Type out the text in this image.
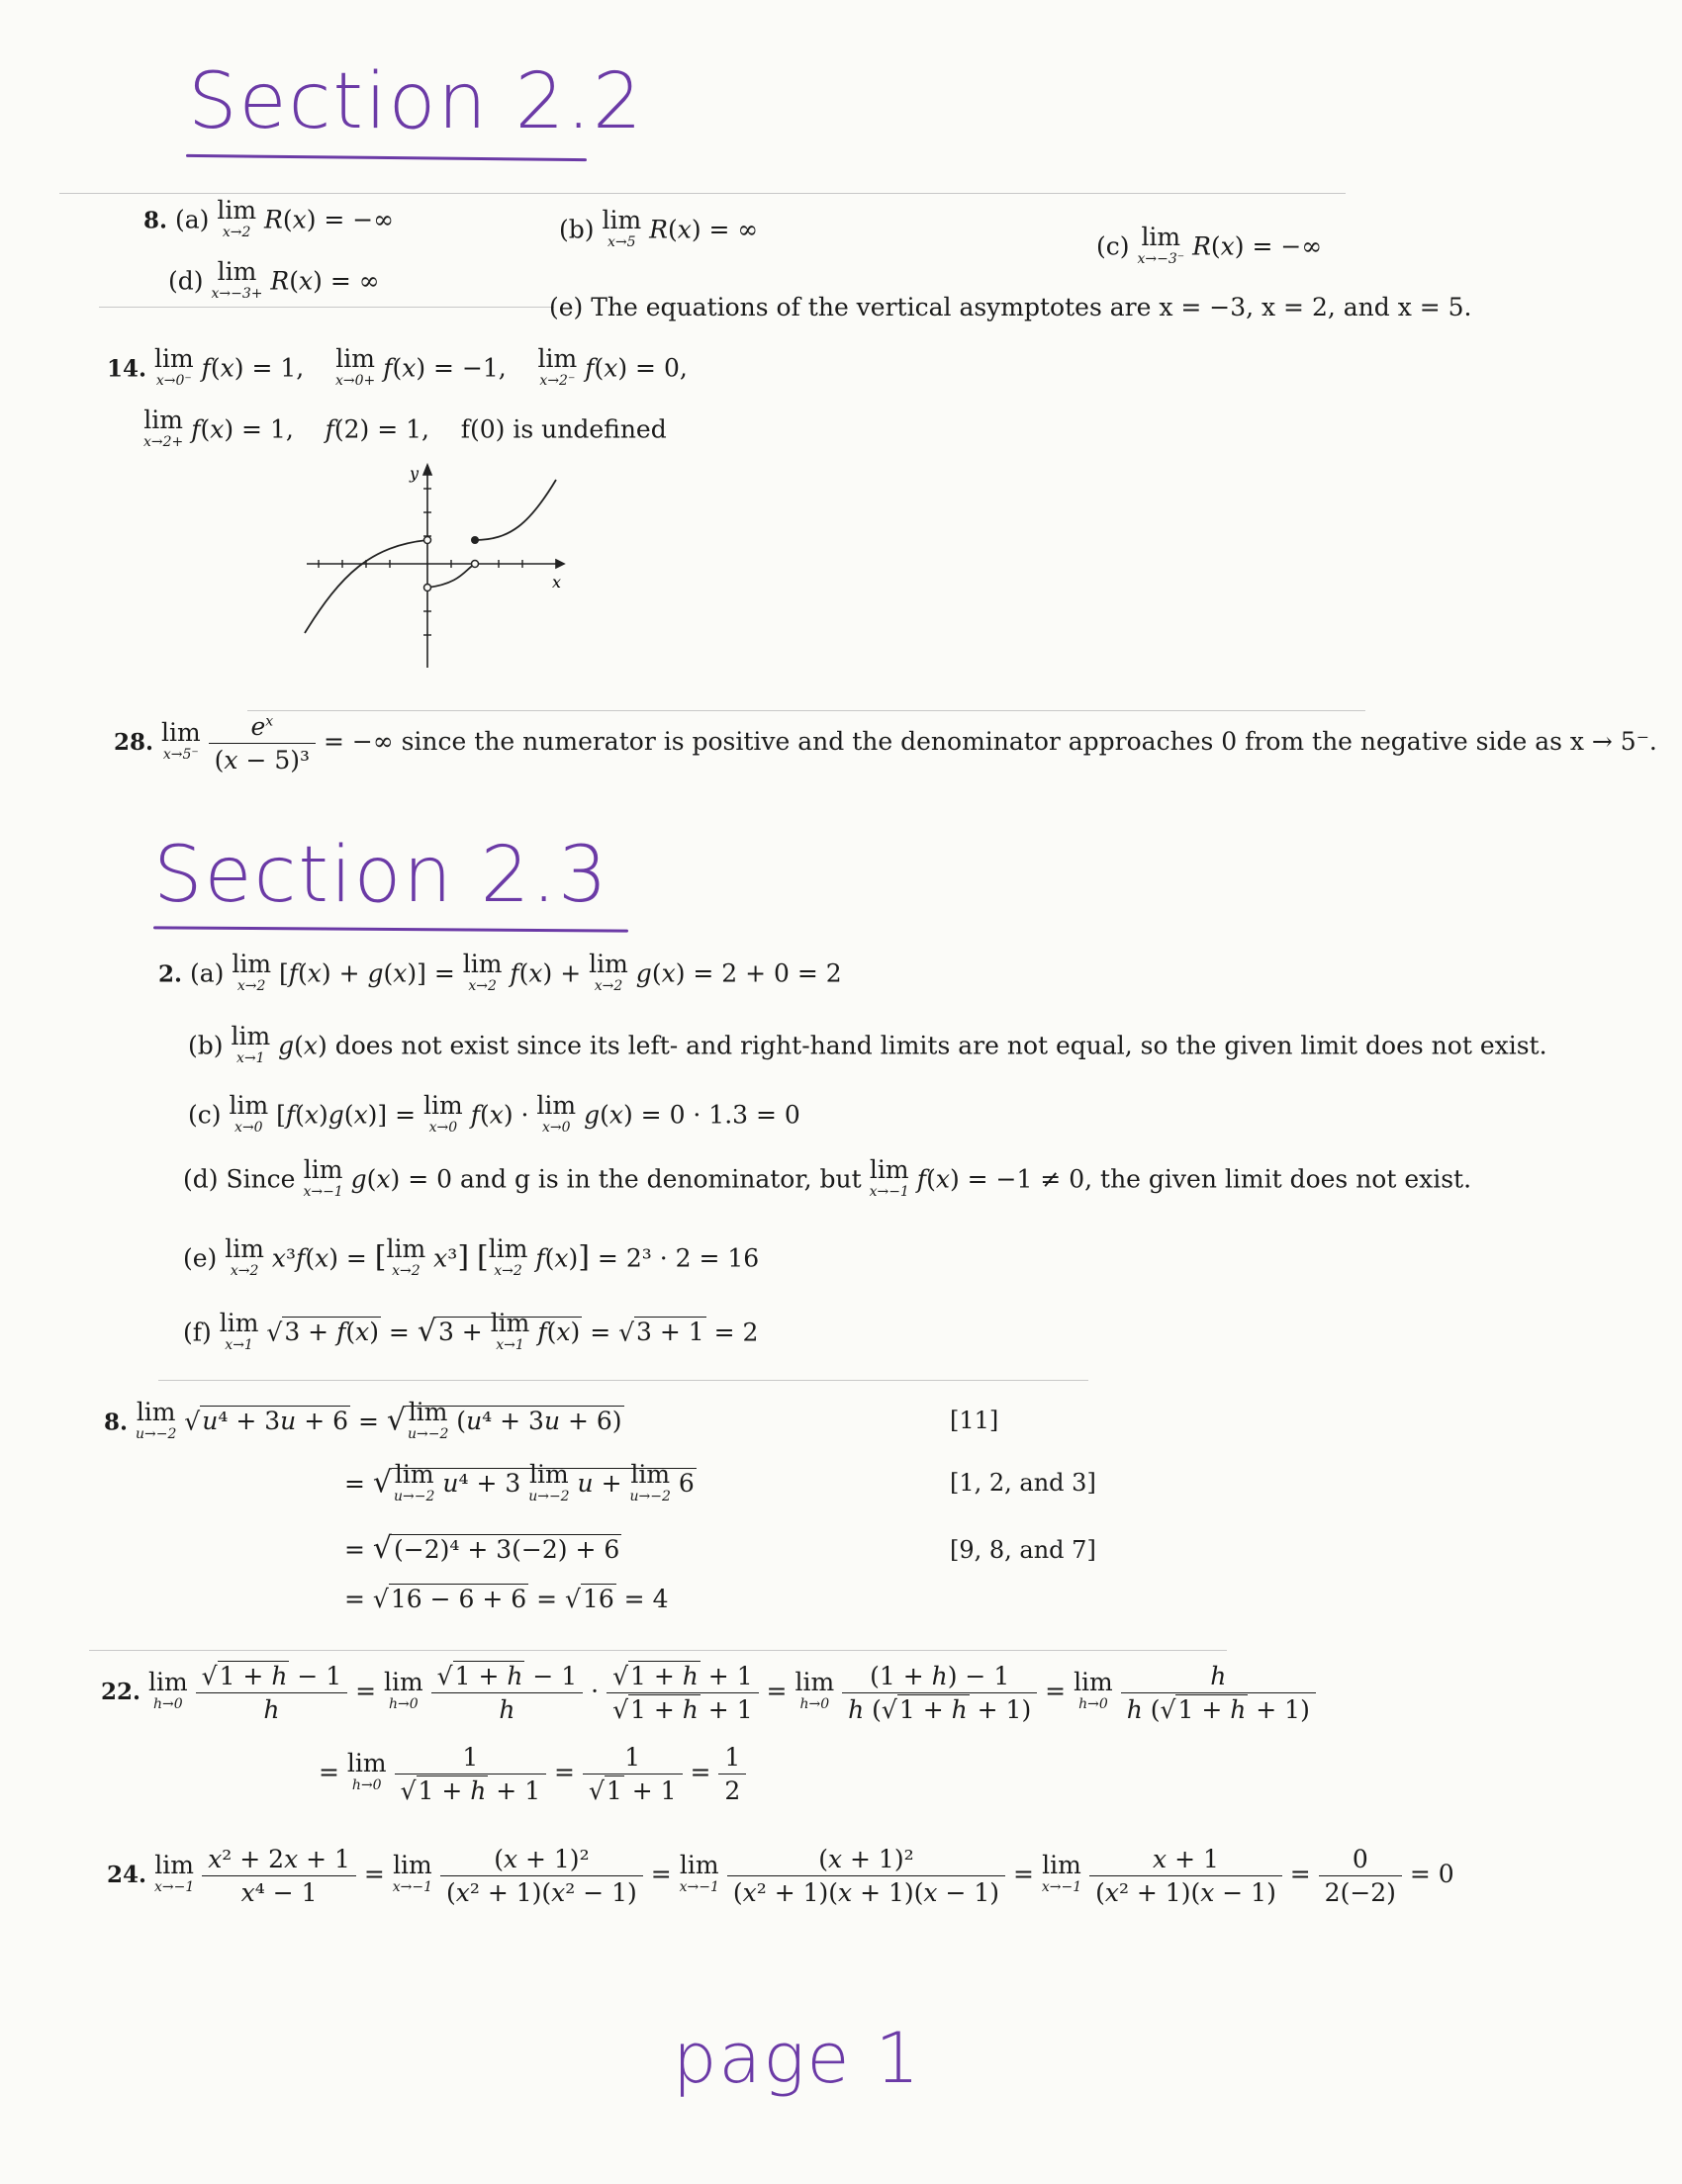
Section 2.2
8. (a) lim
x→2 R(x) = −∞	(b) lim
x→5 R(x) = ∞
(c) lim
x→−3⁻ R(x) = −∞
(d) lim
x→−3+ R(x) = ∞
(e) The equations of the vertical asymptotes are x = −3, x = 2, and x = 5.
14. lim
x→0⁻ f(x) = 1,    lim
x→0+ f(x) = −1,    lim
x→2⁻ f(x) = 0,
lim
x→2+ f(x) = 1,    f(2) = 1,    f(0) is undefined
x
y
28. lim
x→5⁻
$\frac{e^x}{\text{(x − 5)³}}$ = −∞ since the numerator is positive and the denominator approaches 0 from the negative side as x → 5⁻.
Section 2.3
2. (a) lim
x→2 [f(x) + g(x)] = lim
x→2 f(x) + lim
x→2 g(x) = 2 + 0 = 2
(b) lim
x→1 g(x) does not exist since its left- and right-hand limits are not equal, so the given limit does not exist.
(c) lim
x→0 [f(x)g(x)] = lim
x→0 f(x) · lim
x→0 g(x) = 0 · 1.3 = 0
(d) Since lim
x→−1 g(x) = 0 and g is in the denominator, but lim
x→−1 f(x) = −1 ≠ 0, the given limit does not exist.
(e) lim
x→2 x³f(x) = [lim
x→2 x³] [lim
x→2 f(x)] = 2³ · 2 = 16
(f) lim
x→1 √3 + f(x) = √3 + lim
x→1 f(x) = √3 + 1 = 2
8. lim
u→−2 √u⁴ + 3u + 6 = √ lim
u→−2 (u⁴ + 3u + 6)	[11]
= √ lim
u→−2 u⁴ + 3 lim
u→−2 u + lim
u→−2 6	[1, 2, and 3]
= √(−2)⁴ + 3(−2) + 6	[9, 8, and 7]
= √16 − 6 + 6 = √16 = 4
22. lim
h→0
$\frac{√1 + h - 1}{h} = \lim$
h→0
$\frac{√1 + h - 1}{h} \cdot \frac{√1 + h + 1}{√1 + h + 1} = \lim$
h→0
$\frac{(1 + h) - 1}{h (√1 + h + 1)} = \lim$
h→0
$\frac{h}{h (√1 + h + 1)}$
= lim
h→0
$\frac{1}{√1 + h + 1} = \frac{1}{√1 + 1} = \frac{1}{2}$
24. lim
x→−1
$\frac{\text{x² + 2x + 1}}{\text{x⁴ − 1}} = \lim$
x→−1
$\frac{\text{(x + 1)²}}{\text{(x² + 1)(x² − 1)}} = \lim$
x→−1
$\frac{\text{(x + 1)²}}{\text{(x² + 1)(x + 1)(x − 1)}} = \lim$
x→−1
$\frac{x + 1}{\text{(x² + 1)(x − 1)}} = \frac{0}{2(-2)} = 0$
page 1
